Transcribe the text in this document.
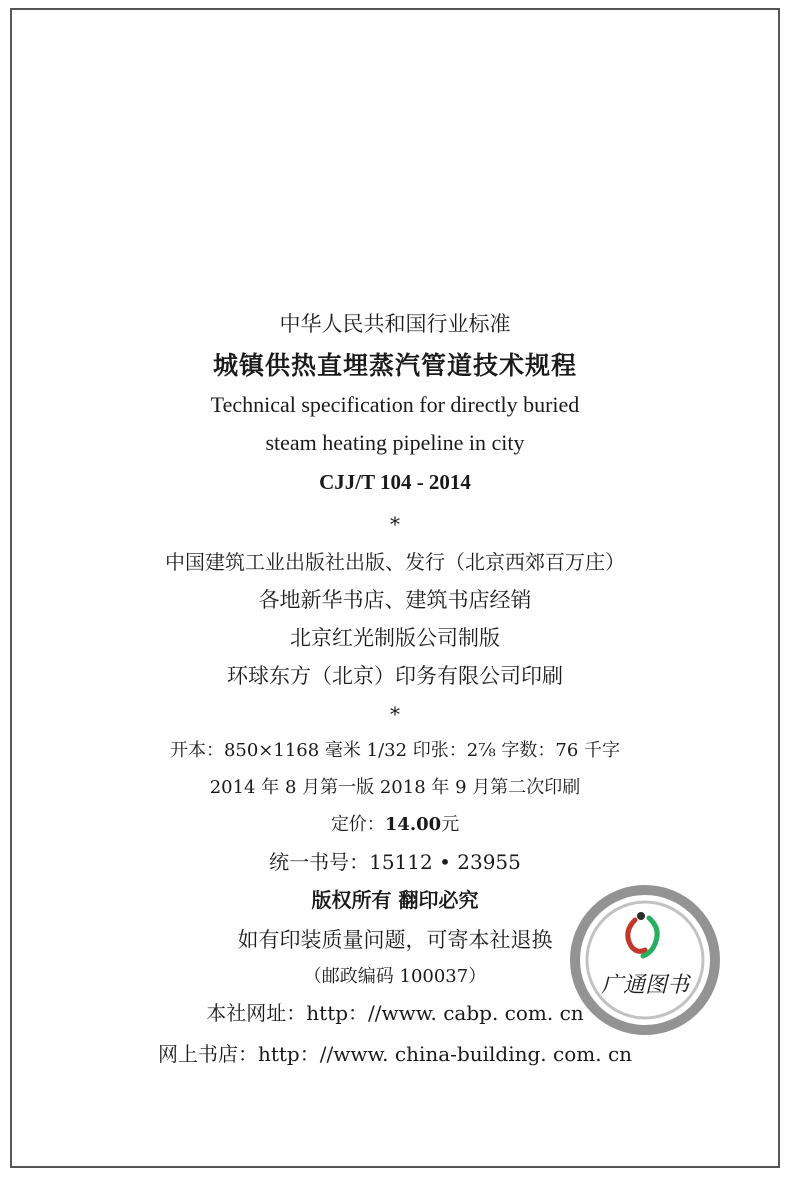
中华人民共和国行业标准
城镇供热直埋蒸汽管道技术规程
Technical specification for directly buried
steam heating pipeline in city
CJJ/T 104 - 2014
*
中国建筑工业出版社出版、发行（北京西郊百万庄）
各地新华书店、建筑书店经销
北京红光制版公司制版
环球东方（北京）印务有限公司印刷
*
开本：850×1168 毫米 1/32 印张：2⅞ 字数：76 千字
2014 年 8 月第一版 2018 年 9 月第二次印刷
定价：14.00元
统一书号：15112 • 23955
版权所有 翻印必究
如有印装质量问题，可寄本社退换
（邮政编码 100037）
本社网址：http：//www. cabp. com. cn
网上书店：http：//www. china-building. com. cn
广通图书
